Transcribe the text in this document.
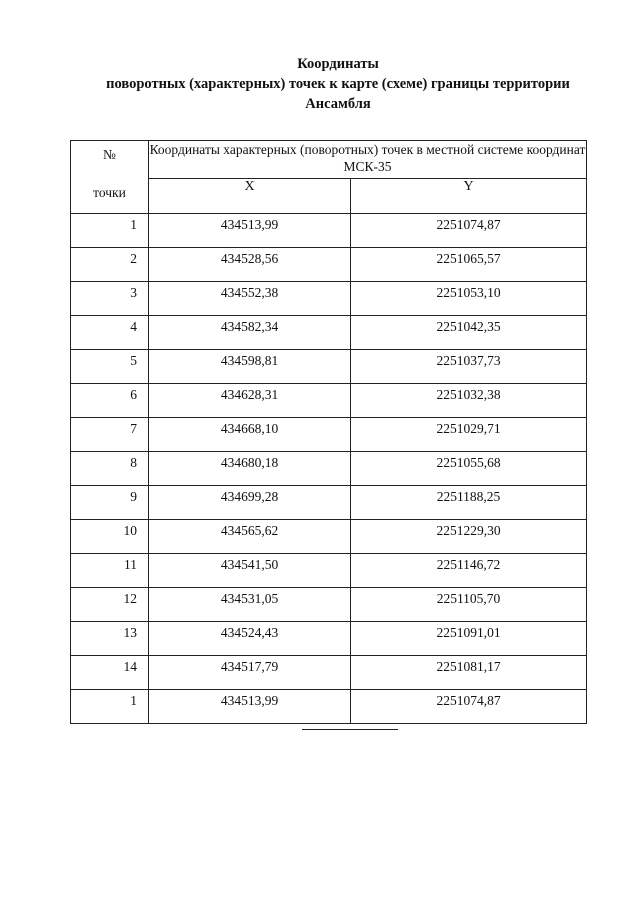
Координаты
поворотных (характерных) точек к карте (схеме) границы территории
Ансамбля
№
точки	Координаты характерных (поворотных) точек в местной системе координат МСК-35	
	X	Y
1	434513,99	2251074,87
2	434528,56	2251065,57
3	434552,38	2251053,10
4	434582,34	2251042,35
5	434598,81	2251037,73
6	434628,31	2251032,38
7	434668,10	2251029,71
8	434680,18	2251055,68
9	434699,28	2251188,25
10	434565,62	2251229,30
11	434541,50	2251146,72
12	434531,05	2251105,70
13	434524,43	2251091,01
14	434517,79	2251081,17
1	434513,99	2251074,87
